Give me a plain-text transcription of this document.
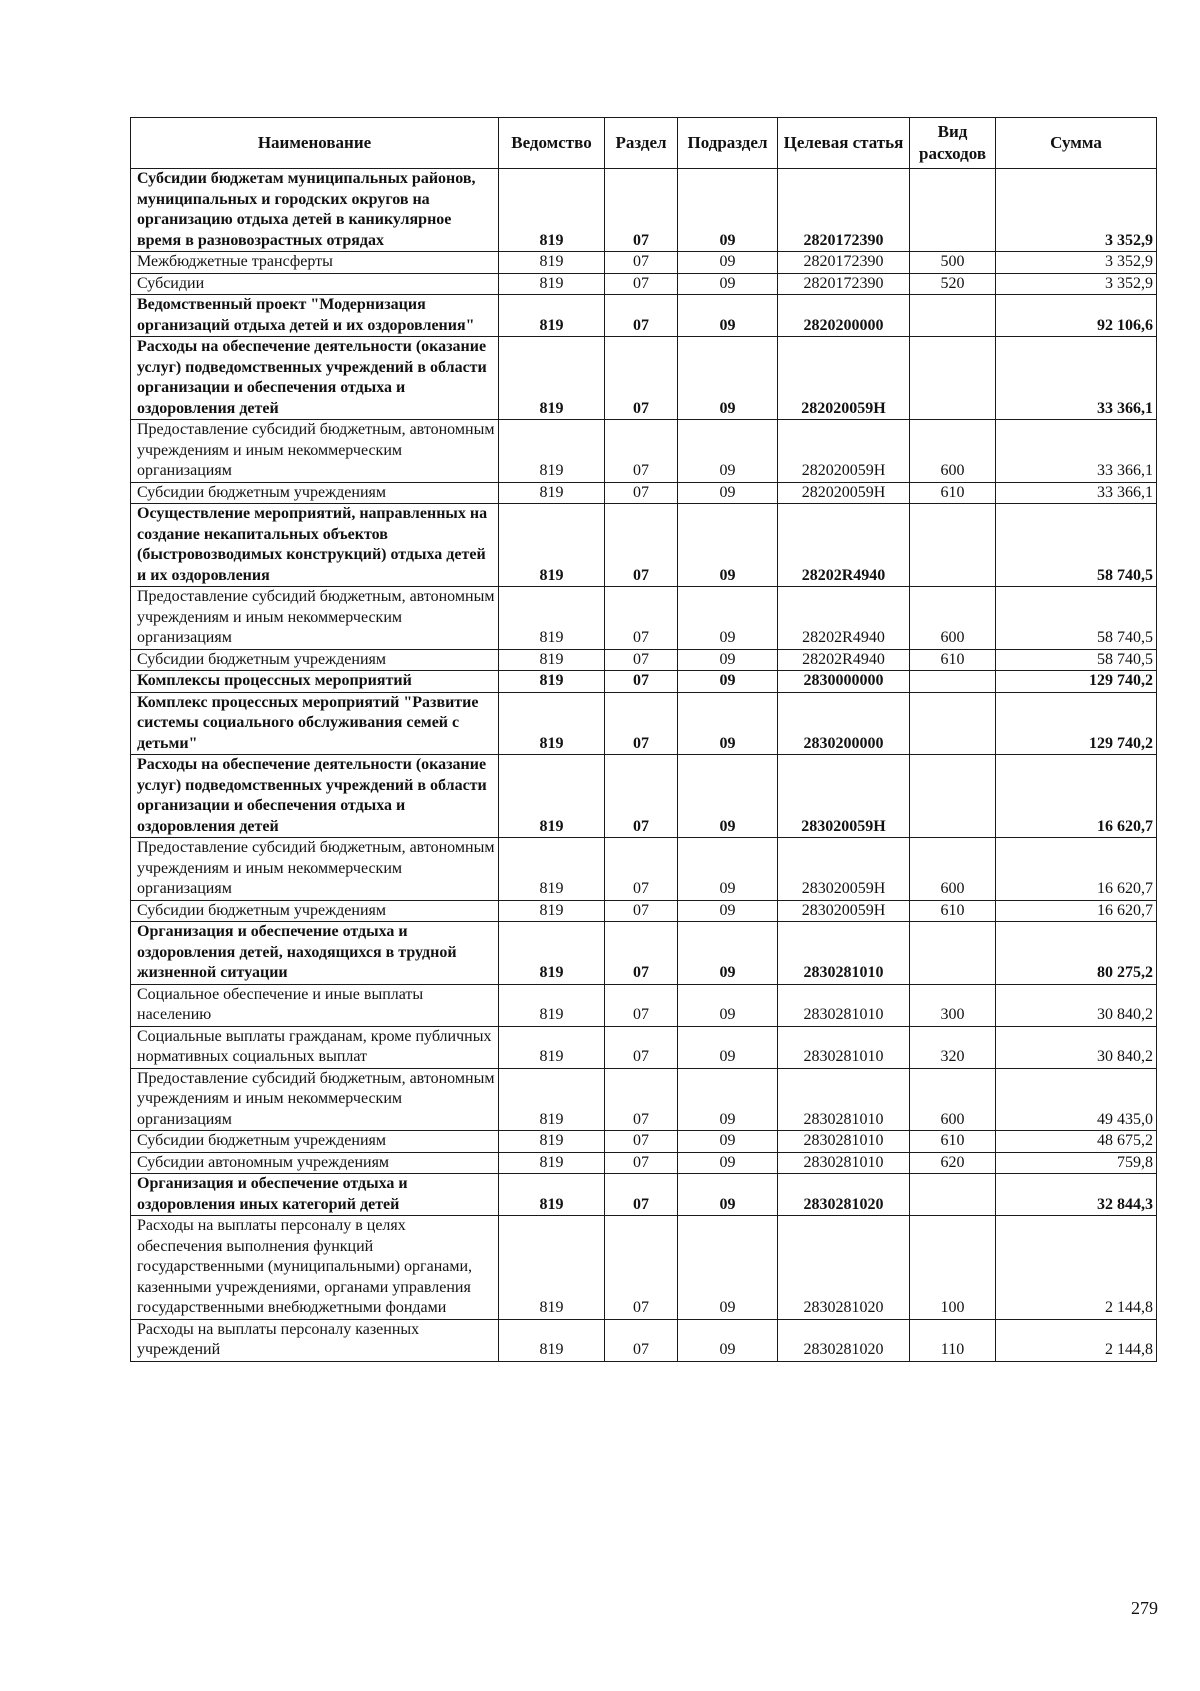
Наименование	Ведомство	Раздел	Подраздел	Целевая статья	Вид расходов	Сумма
Субсидии бюджетам муниципальных районов, муниципальных и городских округов на организацию отдыха детей в каникулярное время в разновозрастных отрядах	819	07	09	2820172390		3 352,9
Межбюджетные трансферты	819	07	09	2820172390	500	3 352,9
Субсидии	819	07	09	2820172390	520	3 352,9
Ведомственный проект "Модернизация организаций отдыха детей и их оздоровления"	819	07	09	2820200000		92 106,6
Расходы на обеспечение деятельности (оказание услуг) подведомственных учреждений в области организации и обеспечения отдыха и оздоровления детей	819	07	09	282020059Н		33 366,1
Предоставление субсидий бюджетным, автономным учреждениям и иным некоммерческим организациям	819	07	09	282020059Н	600	33 366,1
Субсидии бюджетным учреждениям	819	07	09	282020059Н	610	33 366,1
Осуществление мероприятий, направленных на создание некапитальных объектов (быстровозводимых конструкций) отдыха детей и их оздоровления	819	07	09	28202R4940		58 740,5
Предоставление субсидий бюджетным, автономным учреждениям и иным некоммерческим организациям	819	07	09	28202R4940	600	58 740,5
Субсидии бюджетным учреждениям	819	07	09	28202R4940	610	58 740,5
Комплексы процессных мероприятий	819	07	09	2830000000		129 740,2
Комплекс процессных мероприятий "Развитие системы социального обслуживания семей с детьми"	819	07	09	2830200000		129 740,2
Расходы на обеспечение деятельности (оказание услуг) подведомственных учреждений в области организации и обеспечения отдыха и оздоровления детей	819	07	09	283020059Н		16 620,7
Предоставление субсидий бюджетным, автономным учреждениям и иным некоммерческим организациям	819	07	09	283020059Н	600	16 620,7
Субсидии бюджетным учреждениям	819	07	09	283020059Н	610	16 620,7
Организация и обеспечение отдыха и оздоровления детей, находящихся в трудной жизненной ситуации	819	07	09	2830281010		80 275,2
Социальное обеспечение и иные выплаты населению	819	07	09	2830281010	300	30 840,2
Социальные выплаты гражданам, кроме публичных нормативных социальных выплат	819	07	09	2830281010	320	30 840,2
Предоставление субсидий бюджетным, автономным учреждениям и иным некоммерческим организациям	819	07	09	2830281010	600	49 435,0
Субсидии бюджетным учреждениям	819	07	09	2830281010	610	48 675,2
Субсидии автономным учреждениям	819	07	09	2830281010	620	759,8
Организация и обеспечение отдыха и оздоровления иных категорий детей	819	07	09	2830281020		32 844,3
Расходы на выплаты персоналу в целях обеспечения выполнения функций государственными (муниципальными) органами, казенными учреждениями, органами управления государственными внебюджетными фондами	819	07	09	2830281020	100	2 144,8
Расходы на выплаты персоналу казенных учреждений	819	07	09	2830281020	110	2 144,8
279
